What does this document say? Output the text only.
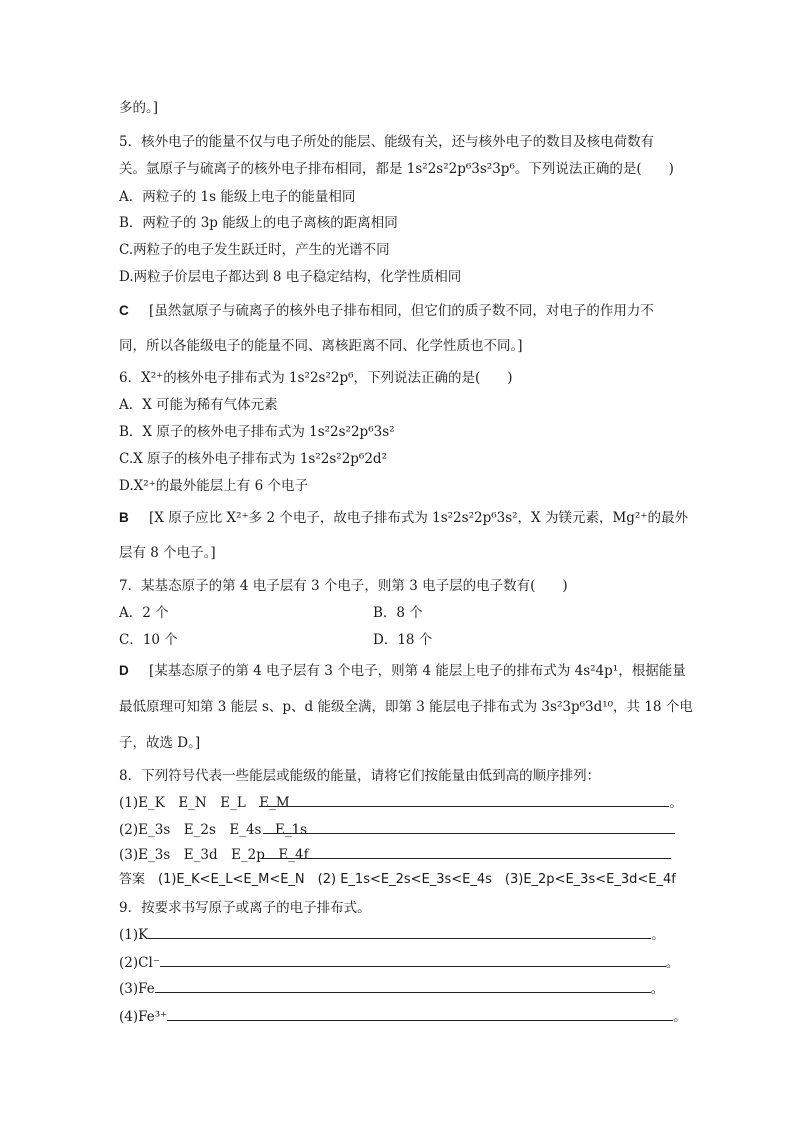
多的。]
5．核外电子的能量不仅与电子所处的能层、能级有关，还与核外电子的数目及核电荷数有
关。氩原子与硫离子的核外电子排布相同，都是 1s²2s²2p⁶3s²3p⁶。下列说法正确的是(　　)
A．两粒子的 1s 能级上电子的能量相同
B．两粒子的 3p 能级上的电子离核的距离相同
C.两粒子的电子发生跃迁时，产生的光谱不同
D.两粒子价层电子都达到 8 电子稳定结构，化学性质相同
C [虽然氩原子与硫离子的核外电子排布相同，但它们的质子数不同，对电子的作用力不
同，所以各能级电子的能量不同、离核距离不同、化学性质也不同。]
6．X²⁺的核外电子排布式为 1s²2s²2p⁶，下列说法正确的是(　　)
A．X 可能为稀有气体元素
B．X 原子的核外电子排布式为 1s²2s²2p⁶3s²
C.X 原子的核外电子排布式为 1s²2s²2p⁶2d²
D.X²⁺的最外能层上有 6 个电子
B [X 原子应比 X²⁺多 2 个电子，故电子排布式为 1s²2s²2p⁶3s²，X 为镁元素，Mg²⁺的最外
层有 8 个电子。]
7．某基态原子的第 4 电子层有 3 个电子，则第 3 电子层的电子数有(　　)
A．2 个	B．8 个
C．10 个	D．18 个
D [某基态原子的第 4 电子层有 3 个电子，则第 4 能层上电子的排布式为 4s²4p¹，根据能量
最低原理可知第 3 能层 s、p、d 能级全满，即第 3 能层电子排布式为 3s²3p⁶3d¹⁰，共 18 个电
子，故选 D。]
8．下列符号代表一些能层或能级的能量，请将它们按能量由低到高的顺序排列：
(1)E_K　E_N　E_L　E_M	。
(2)E_3s　E_2s　E_4s　E_1s
(3)E_3s　E_3d　E_2p　E_4f
答案　(1)E_K<E_L<E_M<E_N　(2) E_1s<E_2s<E_3s<E_4s　(3)E_2p<E_3s<E_3d<E_4f
9．按要求书写原子或离子的电子排布式。
(1)K	。
(2)Cl⁻	。
(3)Fe	。
(4)Fe³⁺	。
